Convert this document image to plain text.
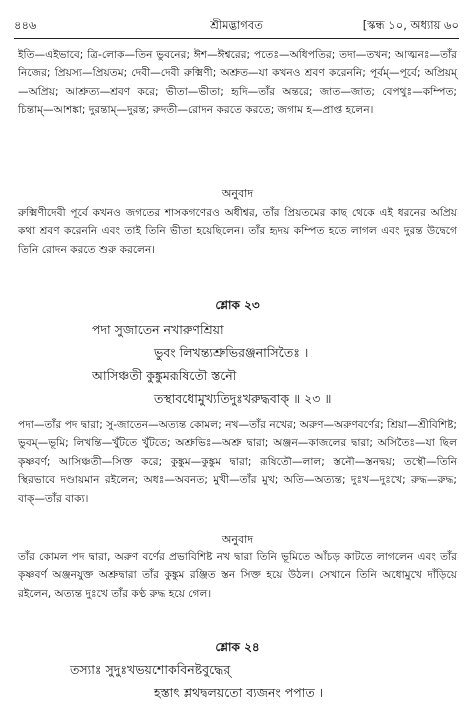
৪৪৬	শ্রীমদ্ভাগবত	[স্কন্ধ ১০, অধ্যায় ৬০
ইতি—এইভাবে; ত্রি-লোক—তিন ভুবনের; ঈশ—ঈশ্বরের; পতেঃ—অধিপতির; তদা—তখন; আত্মনঃ—তাঁর নিজের; প্রিয়স্য—প্রিয়তম; দেবী—দেবী রুক্মিণী; অশ্রুত—যা কখনও শ্রবণ করেননি; পূর্বম্—পূর্বে; অপ্রিয়ম্—অপ্রিয়; আশ্রুত্য—শ্রবণ করে; ভীতা—ভীতা; হৃদি—তাঁর অন্তরে; জাত—জাত; বেপথুঃ—কম্পিত; চিন্তাম্—আশঙ্কা; দুরন্তাম্—দুরন্ত; রুদতী—রোদন করতে করতে; জগাম হ—প্রাপ্ত হলেন।
অনুবাদ
রুক্মিণীদেবী পূর্বে কখনও জগতের শাসকগণেরও অধীশ্বর, তাঁর প্রিয়তমের কাছ থেকে এই ধরনের অপ্রিয় কথা শ্রবণ করেননি এবং তাই তিনি ভীতা হয়েছিলেন। তাঁর হৃদয় কম্পিত হতে লাগল এবং দুরন্ত উদ্বেগে তিনি রোদন করতে শুরু করলেন।
শ্লোক ২৩
পদা সুজাতেন নখারুণশ্রিয়া
ভুবং লিখন্ত্যশ্রুভিরঞ্জনাসিতৈঃ ।
আসিঞ্চতী কুঙ্কুমরূষিতৌ স্তনৌ
তস্থাবধোমুখ্যতিদুঃখরুদ্ধবাক্ ॥ ২৩ ॥
পদা—তাঁর পদ দ্বারা; সু-জাতেন—অত্যন্ত কোমল; নখ—তাঁর নখের; অরুণ—অরুণবর্ণের; শ্রিয়া—শ্রীবিশিষ্ট; ভুবম্—ভূমি; লিখন্তি—খুঁটতে খুঁটতে; অশ্রুভিঃ—অশ্রু দ্বারা; অঞ্জন—কাজলের দ্বারা; অসিতৈঃ—যা ছিল কৃষ্ণবর্ণ; আসিঞ্চতী—সিক্ত করে; কুঙ্কুম—কুঙ্কুম দ্বারা; রূষিতৌ—লাল; স্তনৌ—স্তনদ্বয়; তস্থৌ—তিনি স্থিরভাবে দণ্ডায়মান রইলেন; অধঃ—অবনত; মুখী—তাঁর মুখ; অতি—অত্যন্ত; দুঃখ—দুঃখে; রুদ্ধ—রুদ্ধ; বাক্—তাঁর বাক্য।
অনুবাদ
তাঁর কোমল পদ দ্বারা, অরুণ বর্ণের প্রভাবিশিষ্ট নখ দ্বারা তিনি ভূমিতে আঁচড় কাটতে লাগলেন এবং তাঁর কৃষ্ণবর্ণ অঞ্জনযুক্ত অশ্রুদ্বারা তাঁর কুঙ্কুম রঞ্জিত স্তন সিক্ত হয়ে উঠল। সেখানে তিনি অধোমুখে দাঁড়িয়ে রইলেন, অত্যন্ত দুঃখে তাঁর কণ্ঠ রুদ্ধ হয়ে গেল।
শ্লোক ২৪
তস্যাঃ সুদুঃখভয়শোকবিনষ্টবুদ্ধের্
হস্তাৎ শ্লথদ্বলয়তো ব্যজনং পপাত ।
